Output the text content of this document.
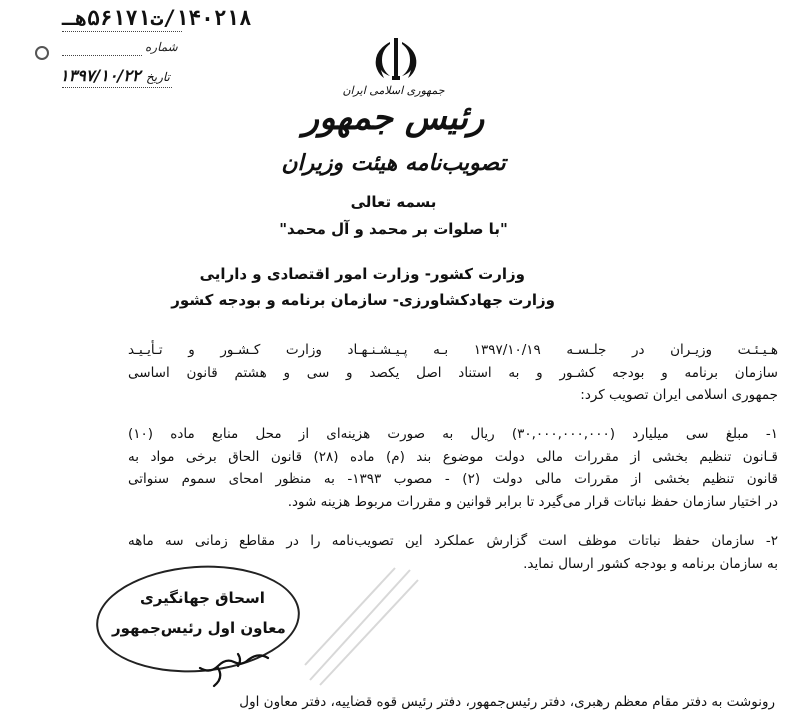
۱۴۰۲۱۸/ت۵۶۱۷۱هـ
شماره
تاریخ ۱۳۹۷/۱۰/۲۲
جمهوری اسلامی ایران
رئیس جمهور
تصویب‌نامه هیئت وزیران
بسمه تعالی
"با صلوات بر محمد و آل محمد"
وزارت کشور- وزارت امور اقتصادی و دارایی
وزارت جهادکشاورزی- سازمان برنامه و بودجه کشور
هـیـئـت وزیـران در جلـسـه ۱۳۹۷/۱۰/۱۹ بـه پـیـشـنـهـاد وزارت کـشـور و تـأیـیـد
سازمان برنامه و بودجه کشـور و به استناد اصل یکصد و سی و هشتم قانون اساسی
جمهوری اسلامی ایران تصویب کرد:
۱- مبلغ سی میلیارد (۳۰,۰۰۰,۰۰۰,۰۰۰) ریال به صورت هزینه‌ای از محل منابع ماده (۱۰)
قـانون تنظیم بخشی از مقررات مالی دولت موضوع بند (م) ماده (۲۸) قانون الحاق برخی مواد به
قانون تنظیم بخشی از مقررات مالی دولت (۲) - مصوب ۱۳۹۳- به منظور امحای سموم سنواتی
در اختیار سازمان حفظ نباتات قرار می‌گیرد تا برابر قوانین و مقررات مربوط هزینه شود.
۲- سازمان حفظ نباتات موظف است گزارش عملکرد این تصویب‌نامه را در مقاطع زمانی سه ماهه
به سازمان برنامه و بودجه کشور ارسال نماید.
اسحاق جهانگیری
معاون اول رئیس‌جمهور
رونوشت به دفتر مقام معظم رهبری، دفتر رئیس‌جمهور، دفتر رئیس قوه قضاییه، دفتر معاون اول
